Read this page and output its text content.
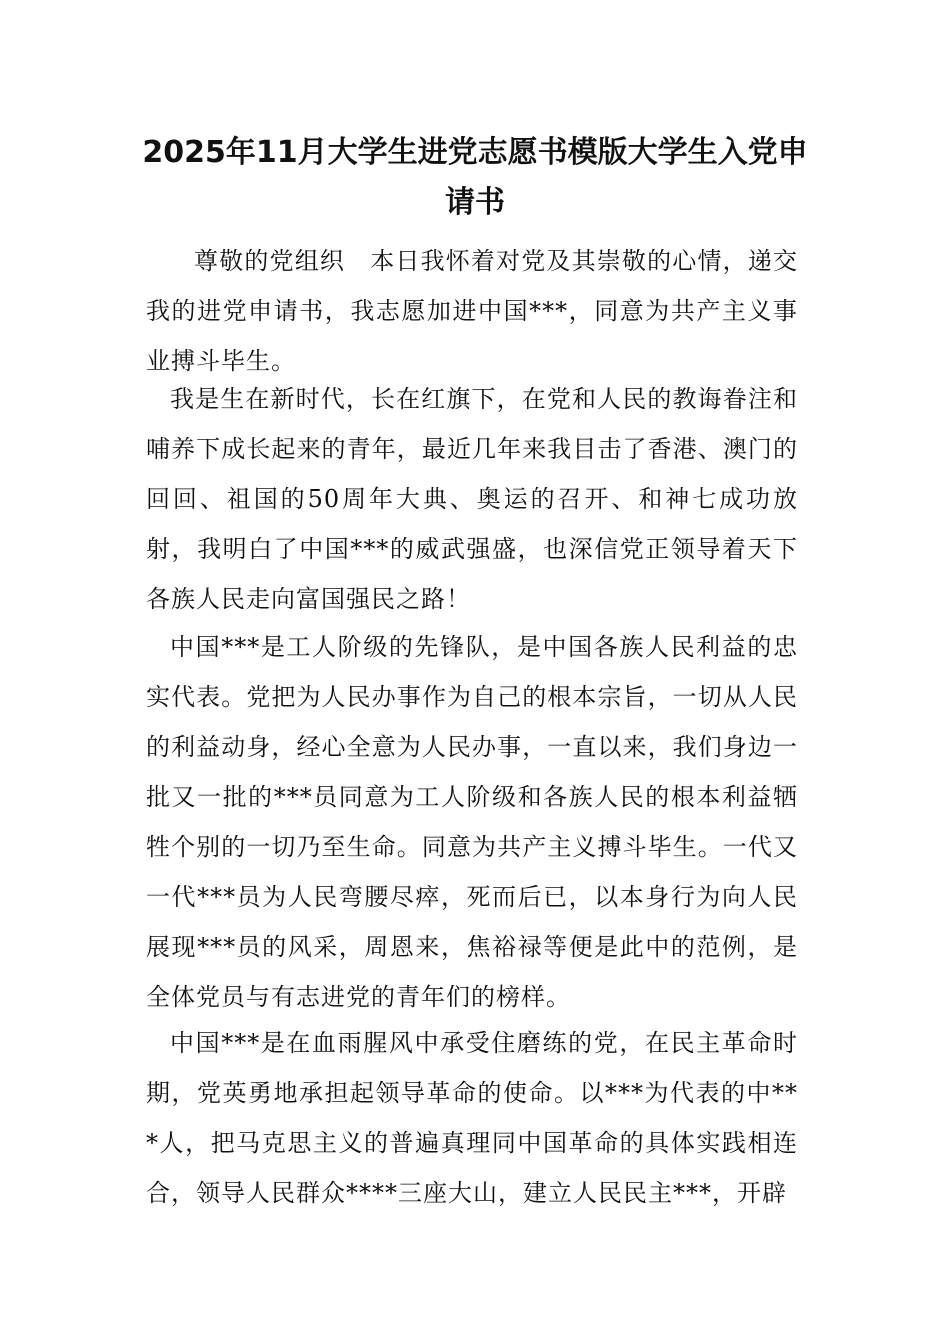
2025年11月大学生进党志愿书模版大学生入党申请书

尊敬的党组织　本日我怀着对党及其崇敬的心情，递交我的进党申请书，我志愿加进中国***，同意为共产主义事业搏斗毕生。

我是生在新时代，长在红旗下，在党和人民的教诲眷注和哺养下成长起来的青年，最近几年来我目击了香港、澳门的回回、祖国的50周年大典、奥运的召开、和神七成功放射，我明白了中国***的威武强盛，也深信党正领导着天下各族人民走向富国强民之路！

中国***是工人阶级的先锋队，是中国各族人民利益的忠实代表。党把为人民办事作为自己的根本宗旨，一切从人民的利益动身，经心全意为人民办事，一直以来，我们身边一批又一批的***员同意为工人阶级和各族人民的根本利益牺牲个别的一切乃至生命。同意为共产主义搏斗毕生。一代又一代***员为人民弯腰尽瘁，死而后已，以本身行为向人民展现***员的风采，周恩来，焦裕禄等便是此中的范例，是全体党员与有志进党的青年们的榜样。

中国***是在血雨腥风中承受住磨练的党，在民主革命时期，党英勇地承担起领导革命的使命。以***为代表的中***人，把马克思主义的普遍真理同中国革命的具体实践相连合，领导人民群众****三座大山，建立人民民主***，开辟
